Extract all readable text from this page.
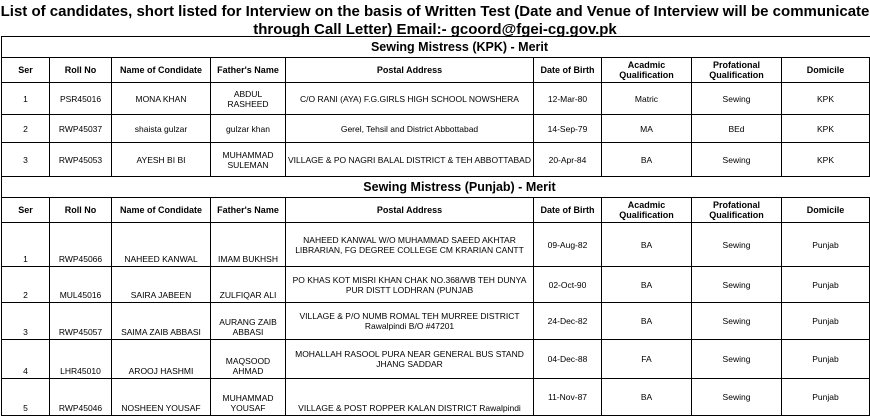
List of candidates, short listed for Interview on the basis of Written Test (Date and Venue of Interview will be communicate
through Call Letter) Email:- gcoord@fgei-cg.gov.pk
	Sewing Mistress (KPK) - Merit							
Ser	Roll No	Name of Condidate	Father's Name	Postal Address	Date of Birth	Acadmic Qualification	Profational Qualification	Domicile
1	PSR45016	MONA KHAN	ABDUL RASHEED	C/O RANI (AYA) F.G.GIRLS HIGH SCHOOL NOWSHERA	12-Mar-80	Matric	Sewing	KPK
2	RWP45037	shaista gulzar	gulzar khan	Gerel, Tehsil and District Abbottabad	14-Sep-79	MA	BEd	KPK
3	RWP45053	AYESH BI BI	MUHAMMAD SULEMAN	VILLAGE & PO NAGRI BALAL DISTRICT & TEH ABBOTTABAD	20-Apr-84	BA	Sewing	KPK
	Sewing Mistress (Punjab) - Merit							
Ser	Roll No	Name of Condidate	Father's Name	Postal Address	Date of Birth	Acadmic Qualification	Profational Qualification	Domicile
1	RWP45066	NAHEED KANWAL	IMAM BUKHSH	NAHEED KANWAL W/O MUHAMMAD SAEED AKHTAR LIBRARIAN, FG DEGREE COLLEGE CM KRARIAN CANTT	09-Aug-82	BA	Sewing	Punjab
2	MUL45016	SAIRA JABEEN	ZULFIQAR ALI	PO KHAS KOT MISRI KHAN CHAK NO.368/WB TEH DUNYA PUR DISTT LODHRAN (PUNJAB	02-Oct-90	BA	Sewing	Punjab
3	RWP45057	SAIMA ZAIB ABBASI	AURANG ZAIB ABBASI	VILLAGE & P/O NUMB ROMAL TEH MURREE DISTRICT Rawalpindi B/O #47201	24-Dec-82	BA	Sewing	Punjab
4	LHR45010	AROOJ HASHMI	MAQSOOD AHMAD	MOHALLAH RASOOL PURA NEAR GENERAL BUS STAND JHANG SADDAR	04-Dec-88	FA	Sewing	Punjab
5	RWP45046	NOSHEEN YOUSAF	MUHAMMAD YOUSAF	VILLAGE & POST ROPPER KALAN DISTRICT Rawalpindi	11-Nov-87	BA	Sewing	Punjab
